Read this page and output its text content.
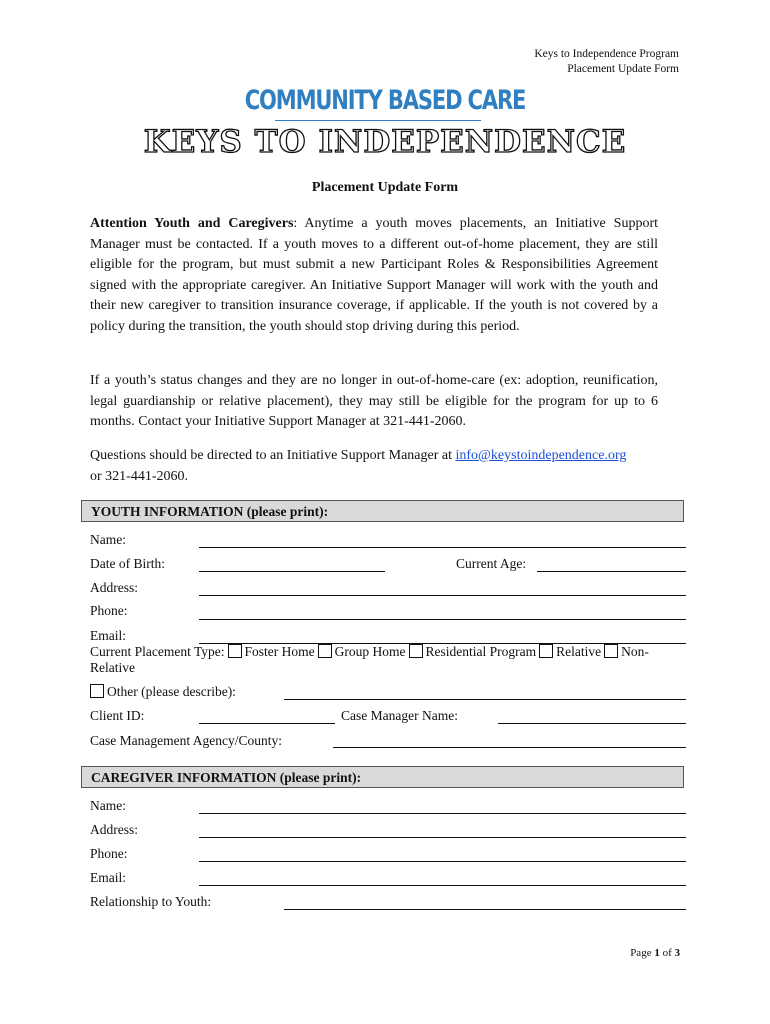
Keys to Independence Program
Placement Update Form
COMMUNITY BASED CARE
KEYS TO INDEPENDENCE
Placement Update Form
Attention Youth and Caregivers: Anytime a youth moves placements, an Initiative Support Manager must be contacted. If a youth moves to a different out-of-home placement, they are still eligible for the program, but must submit a new Participant Roles & Responsibilities Agreement signed with the appropriate caregiver. An Initiative Support Manager will work with the youth and their new caregiver to transition insurance coverage, if applicable. If the youth is not covered by a policy during the transition, the youth should stop driving during this period.
If a youth’s status changes and they are no longer in out-of-home-care (ex: adoption, reunification, legal guardianship or relative placement), they may still be eligible for the program for up to 6 months. Contact your Initiative Support Manager at 321-441-2060.
Questions should be directed to an Initiative Support Manager at info@keystoindependence.org
or 321-441-2060.
YOUTH INFORMATION (please print):
Name:
Date of Birth:	Current Age:
Address:
Phone:
Email:
Current Placement Type: Foster Home Group Home Residential Program Relative Non-
Relative
Other (please describe):
Client ID:	Case Manager Name:
Case Management Agency/County:
CAREGIVER INFORMATION (please print):
Name:
Address:
Phone:
Email:
Relationship to Youth:
Page 1 of 3
